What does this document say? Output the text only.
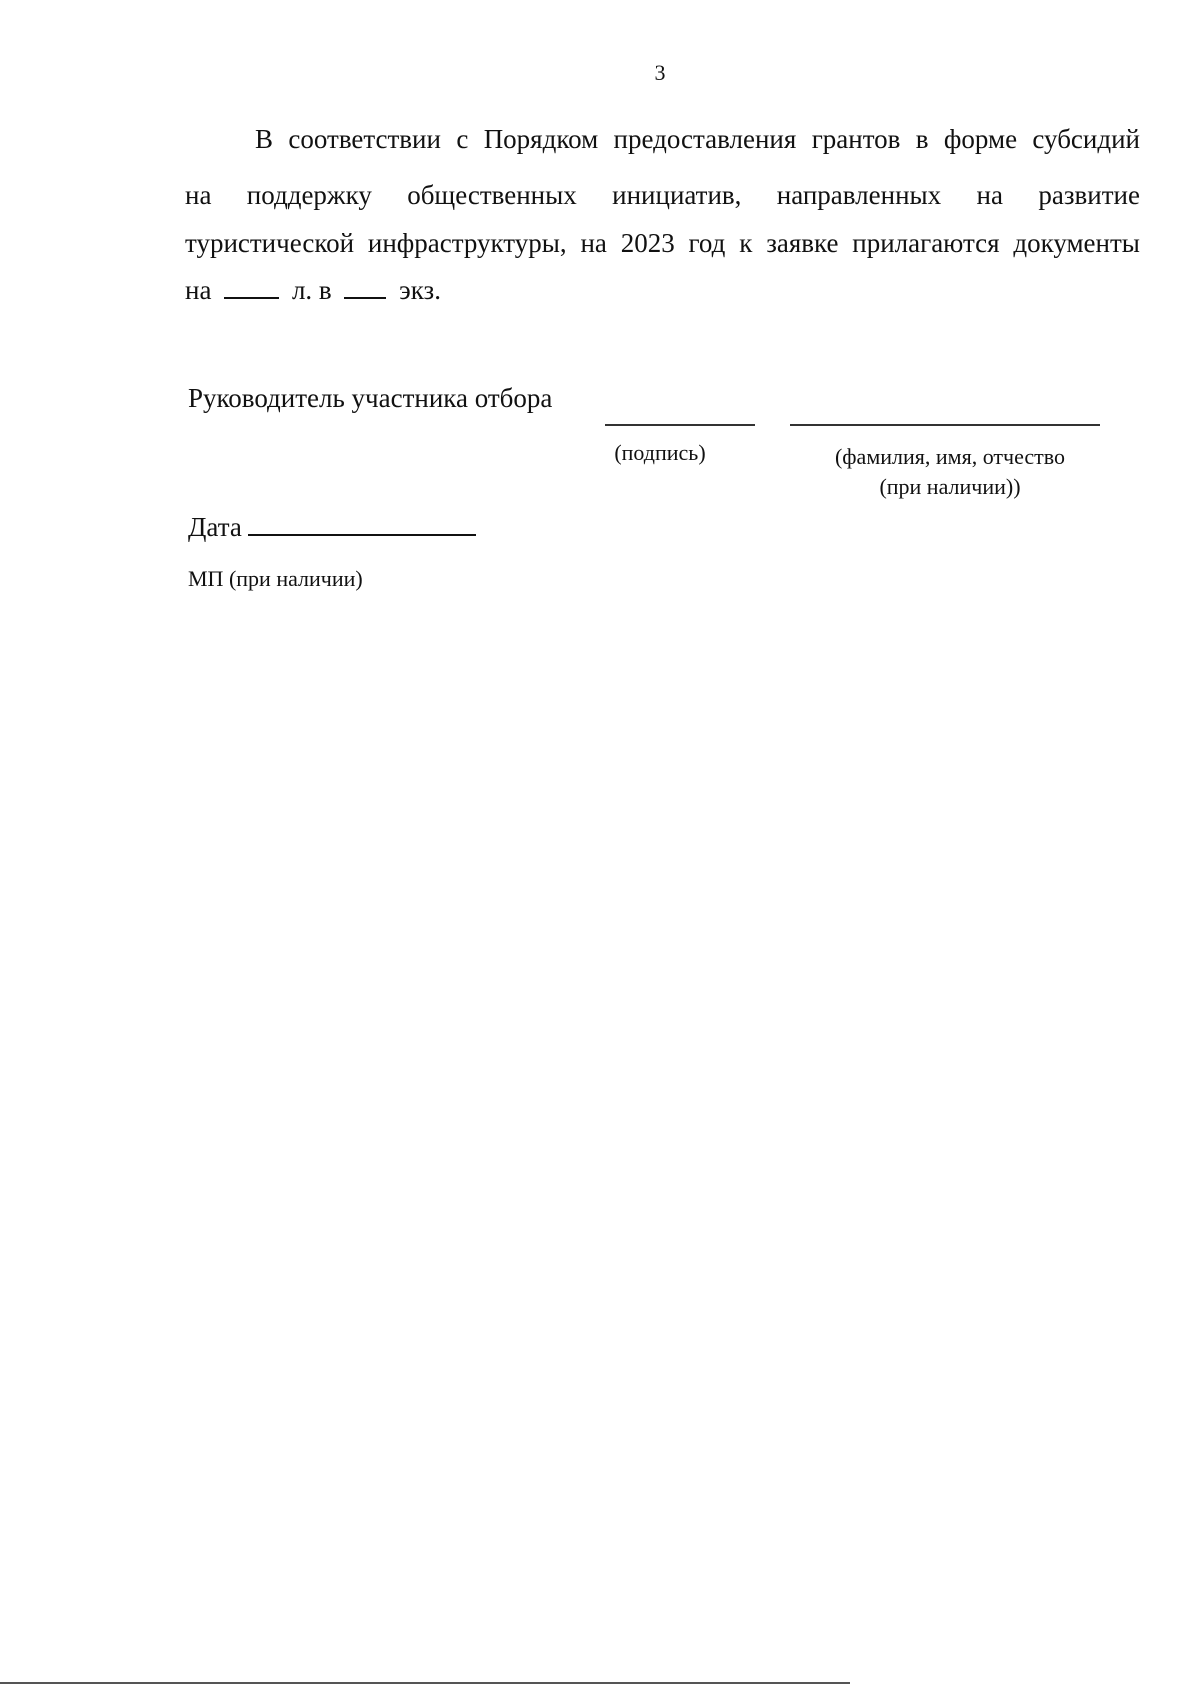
3
В соответствии с Порядком предоставления грантов в форме субсидий
на поддержку общественных инициатив, направленных на развитие
туристической инфраструктуры, на 2023 год к заявке прилагаются документы
на	л. в	экз.
Руководитель участника отбора
(подпись)	(фамилия, имя, отчество
(при наличии))
Дата
МП (при наличии)
